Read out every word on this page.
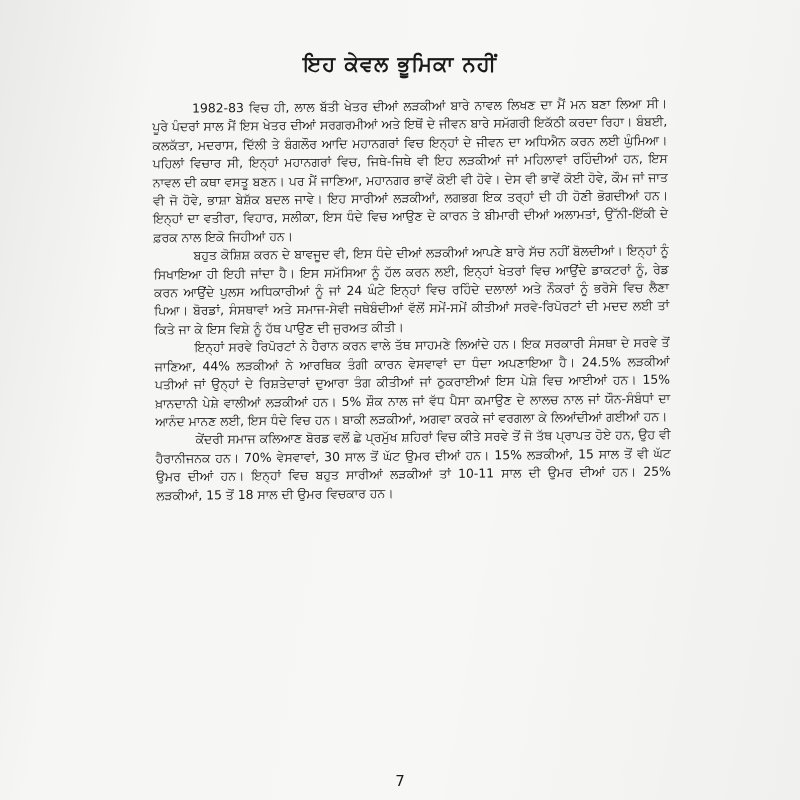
ਇਹ ਕੇਵਲ ਭੂਮਿਕਾ ਨਹੀਂ

1982-83 ਵਿਚ ਹੀ, ਲਾਲ ਬੱਤੀ ਖੇਤਰ ਦੀਆਂ ਲੜਕੀਆਂ ਬਾਰੇ ਨਾਵਲ ਲਿਖਣ ਦਾ ਮੈਂ ਮਨ ਬਣਾ ਲਿਆ ਸੀ। ਪੂਰੇ ਪੰਦਰਾਂ ਸਾਲ ਮੈਂ ਇਸ ਖੇਤਰ ਦੀਆਂ ਸਰਗਰਮੀਆਂ ਅਤੇ ਇਥੋਂ ਦੇ ਜੀਵਨ ਬਾਰੇ ਸਮੱਗਰੀ ਇਕੱਠੀ ਕਰਦਾ ਰਿਹਾ। ਬੰਬਈ, ਕਲਕੱਤਾ, ਮਦਰਾਸ, ਦਿੱਲੀ ਤੇ ਬੰਗਲੌਰ ਆਦਿ ਮਹਾਨਗਰਾਂ ਵਿਚ ਇਨ੍ਹਾਂ ਦੇ ਜੀਵਨ ਦਾ ਅਧਿਐਨ ਕਰਨ ਲਈ ਘੁੰਮਿਆ। ਪਹਿਲਾਂ ਵਿਚਾਰ ਸੀ, ਇਨ੍ਹਾਂ ਮਹਾਨਗਰਾਂ ਵਿਚ, ਜਿਥੇ-ਜਿਥੇ ਵੀ ਇਹ ਲੜਕੀਆਂ ਜਾਂ ਮਹਿਲਾਵਾਂ ਰਹਿੰਦੀਆਂ ਹਨ, ਇਸ ਨਾਵਲ ਦੀ ਕਥਾ ਵਸਤੂ ਬਣਨ। ਪਰ ਮੈਂ ਜਾਣਿਆ, ਮਹਾਨਗਰ ਭਾਵੇਂ ਕੋਈ ਵੀ ਹੋਵੇ। ਦੇਸ ਵੀ ਭਾਵੇਂ ਕੋਈ ਹੋਵੇ, ਕੌਮ ਜਾਂ ਜਾਤ ਵੀ ਜੋ ਹੋਵੇ, ਭਾਸ਼ਾ ਬੇਸ਼ੱਕ ਬਦਲ ਜਾਵੇ। ਇਹ ਸਾਰੀਆਂ ਲੜਕੀਆਂ, ਲਗਭਗ ਇਕ ਤਰ੍ਹਾਂ ਦੀ ਹੀ ਹੋਣੀ ਭੋਗਦੀਆਂ ਹਨ। ਇਨ੍ਹਾਂ ਦਾ ਵਤੀਰਾ, ਵਿਹਾਰ, ਸਲੀਕਾ, ਇਸ ਧੰਦੇ ਵਿਚ ਆਉਣ ਦੇ ਕਾਰਨ ਤੇ ਬੀਮਾਰੀ ਦੀਆਂ ਅਲਾਮਤਾਂ, ਉੱਨੀ-ਇੱਕੀ ਦੇ ਫ਼ਰਕ ਨਾਲ ਇਕੋ ਜਿਹੀਆਂ ਹਨ।

ਬਹੁਤ ਕੋਸ਼ਿਸ਼ ਕਰਨ ਦੇ ਬਾਵਜੂਦ ਵੀ, ਇਸ ਧੰਦੇ ਦੀਆਂ ਲੜਕੀਆਂ ਆਪਣੇ ਬਾਰੇ ਸੱਚ ਨਹੀਂ ਬੋਲਦੀਆਂ। ਇਨ੍ਹਾਂ ਨੂੰ ਸਿਖਾਇਆ ਹੀ ਇਹੀ ਜਾਂਦਾ ਹੈ। ਇਸ ਸਮੱਸਿਆ ਨੂੰ ਹੱਲ ਕਰਨ ਲਈ, ਇਨ੍ਹਾਂ ਖੇਤਰਾਂ ਵਿਚ ਆਉਂਦੇ ਡਾਕਟਰਾਂ ਨੂੰ, ਰੇਡ ਕਰਨ ਆਉਂਦੇ ਪੁਲਸ ਅਧਿਕਾਰੀਆਂ ਨੂੰ ਜਾਂ 24 ਘੰਟੇ ਇਨ੍ਹਾਂ ਵਿਚ ਰਹਿੰਦੇ ਦਲਾਲਾਂ ਅਤੇ ਨੌਕਰਾਂ ਨੂੰ ਭਰੋਸੇ ਵਿਚ ਲੈਣਾ ਪਿਆ। ਬੋਰਡਾਂ, ਸੰਸਥਾਵਾਂ ਅਤੇ ਸਮਾਜ-ਸੇਵੀ ਜਥੇਬੰਦੀਆਂ ਵੱਲੋਂ ਸਮੇਂ-ਸਮੇਂ ਕੀਤੀਆਂ ਸਰਵੇ-ਰਿਪੋਰਟਾਂ ਦੀ ਮਦਦ ਲਈ ਤਾਂ ਕਿਤੇ ਜਾ ਕੇ ਇਸ ਵਿਸ਼ੇ ਨੂੰ ਹੱਥ ਪਾਉਣ ਦੀ ਜੁਰਅਤ ਕੀਤੀ।

ਇਨ੍ਹਾਂ ਸਰਵੇ ਰਿਪੋਰਟਾਂ ਨੇ ਹੈਰਾਨ ਕਰਨ ਵਾਲੇ ਤੱਥ ਸਾਹਮਣੇ ਲਿਆਂਦੇ ਹਨ। ਇਕ ਸਰਕਾਰੀ ਸੰਸਥਾ ਦੇ ਸਰਵੇ ਤੋਂ ਜਾਣਿਆ, 44% ਲੜਕੀਆਂ ਨੇ ਆਰਥਿਕ ਤੰਗੀ ਕਾਰਨ ਵੇਸਵਾਵਾਂ ਦਾ ਧੰਦਾ ਅਪਣਾਇਆ ਹੈ। 24.5% ਲੜਕੀਆਂ ਪਤੀਆਂ ਜਾਂ ਉਨ੍ਹਾਂ ਦੇ ਰਿਸ਼ਤੇਦਾਰਾਂ ਦੁਆਰਾ ਤੰਗ ਕੀਤੀਆਂ ਜਾਂ ਠੁਕਰਾਈਆਂ ਇਸ ਪੇਸ਼ੇ ਵਿਚ ਆਈਆਂ ਹਨ। 15% ਖ਼ਾਨਦਾਨੀ ਪੇਸ਼ੇ ਵਾਲੀਆਂ ਲੜਕੀਆਂ ਹਨ। 5% ਸ਼ੌਕ ਨਾਲ ਜਾਂ ਵੱਧ ਪੈਸਾ ਕਮਾਉਣ ਦੇ ਲਾਲਚ ਨਾਲ ਜਾਂ ਯੌਨ-ਸੰਬੰਧਾਂ ਦਾ ਆਨੰਦ ਮਾਨਣ ਲਈ, ਇਸ ਧੰਦੇ ਵਿਚ ਹਨ। ਬਾਕੀ ਲੜਕੀਆਂ, ਅਗਵਾ ਕਰਕੇ ਜਾਂ ਵਰਗਲਾ ਕੇ ਲਿਆਂਦੀਆਂ ਗਈਆਂ ਹਨ।

ਕੇਂਦਰੀ ਸਮਾਜ ਕਲਿਆਣ ਬੋਰਡ ਵਲੋਂ ਛੇ ਪ੍ਰਮੁੱਖ ਸ਼ਹਿਰਾਂ ਵਿਚ ਕੀਤੇ ਸਰਵੇ ਤੋਂ ਜੋ ਤੱਥ ਪ੍ਰਾਪਤ ਹੋਏ ਹਨ, ਉਹ ਵੀ ਹੈਰਾਨੀਜਨਕ ਹਨ। 70% ਵੇਸਵਾਵਾਂ, 30 ਸਾਲ ਤੋਂ ਘੱਟ ਉਮਰ ਦੀਆਂ ਹਨ। 15% ਲੜਕੀਆਂ, 15 ਸਾਲ ਤੋਂ ਵੀ ਘੱਟ ਉਮਰ ਦੀਆਂ ਹਨ। ਇਨ੍ਹਾਂ ਵਿਚ ਬਹੁਤ ਸਾਰੀਆਂ ਲੜਕੀਆਂ ਤਾਂ 10-11 ਸਾਲ ਦੀ ਉਮਰ ਦੀਆਂ ਹਨ। 25% ਲੜਕੀਆਂ, 15 ਤੋਂ 18 ਸਾਲ ਦੀ ਉਮਰ ਵਿਚਕਾਰ ਹਨ।

7
